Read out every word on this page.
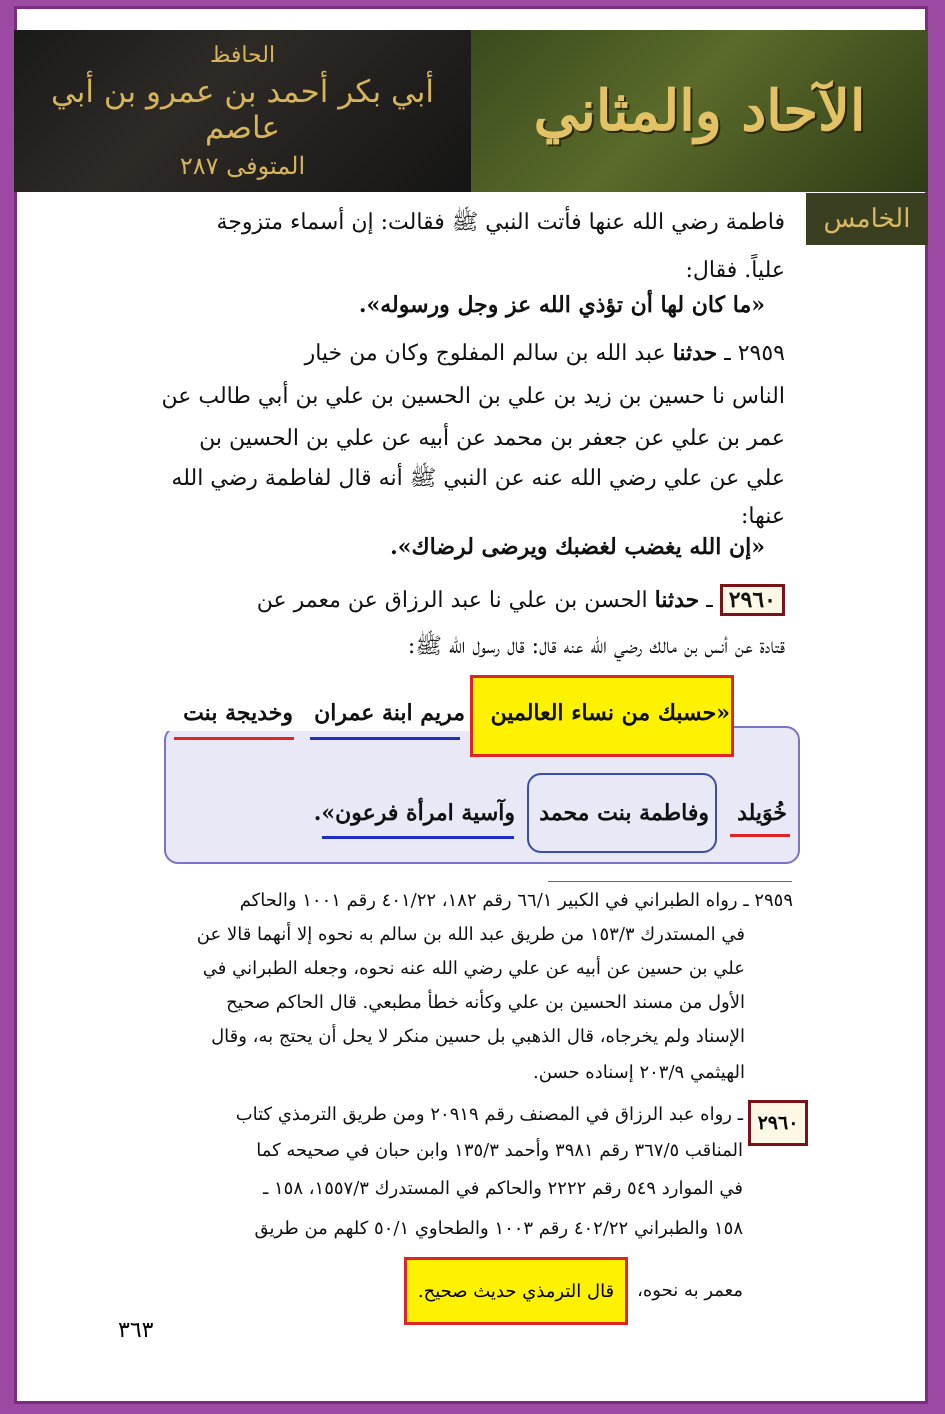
الحافظ
أبي بكر أحمد بن عمرو بن أبي عاصم
المتوفى ٢٨٧
الآحاد والمثاني
الخامس
فاطمة رضي الله عنها فأتت النبي ﷺ فقالت: إن أسماء متزوجة
علياً. فقال:
«ما كان لها أن تؤذي الله عز وجل ورسوله».
٢٩٥٩ ـ حدثنا عبد الله بن سالم المفلوج وكان من خيار
الناس نا حسين بن زيد بن علي بن الحسين بن علي بن أبي طالب عن
عمر بن علي عن جعفر بن محمد عن أبيه عن علي بن الحسين بن
علي عن علي رضي الله عنه عن النبي ﷺ أنه قال لفاطمة رضي الله
عنها:
«إن الله يغضب لغضبك ويرضى لرضاك».
٢٩٦٠ ـ حدثنا الحسن بن علي نا عبد الرزاق عن معمر عن
قتادة عن أنس بن مالك رضي الله عنه قال: قال رسول الله ﷺ:
«حسبك من نساء العالمين
مريم ابنة عمران
وخديجة بنت
خُوَيلد
وفاطمة بنت محمد
وآسية امرأة فرعون».
٢٩٥٩ ـ رواه الطبراني في الكبير ٦٦/١ رقم ١٨٢، ٤٠١/٢٢ رقم ١٠٠١ والحاكم
في المستدرك ١٥٣/٣ من طريق عبد الله بن سالم به نحوه إلا أنهما قالا عن
علي بن حسين عن أبيه عن علي رضي الله عنه نحوه، وجعله الطبراني في
الأول من مسند الحسين بن علي وكأنه خطأ مطبعي. قال الحاكم صحيح
الإسناد ولم يخرجاه، قال الذهبي بل حسين منكر لا يحل أن يحتج به، وقال
الهيثمي ٢٠٣/٩ إسناده حسن.
٢٩٦٠
ـ رواه عبد الرزاق في المصنف رقم ٢٠٩١٩ ومن طريق الترمذي كتاب
المناقب ٣٦٧/٥ رقم ٣٩٨١ وأحمد ١٣٥/٣ وابن حبان في صحيحه كما
في الموارد ٥٤٩ رقم ٢٢٢٢ والحاكم في المستدرك ١٥٥٧/٣، ١٥٨ ـ
١٥٨ والطبراني ٤٠٢/٢٢ رقم ١٠٠٣ والطحاوي ٥٠/١ كلهم من طريق
معمر به نحوه،
قال الترمذي حديث صحيح.
٣٦٣
